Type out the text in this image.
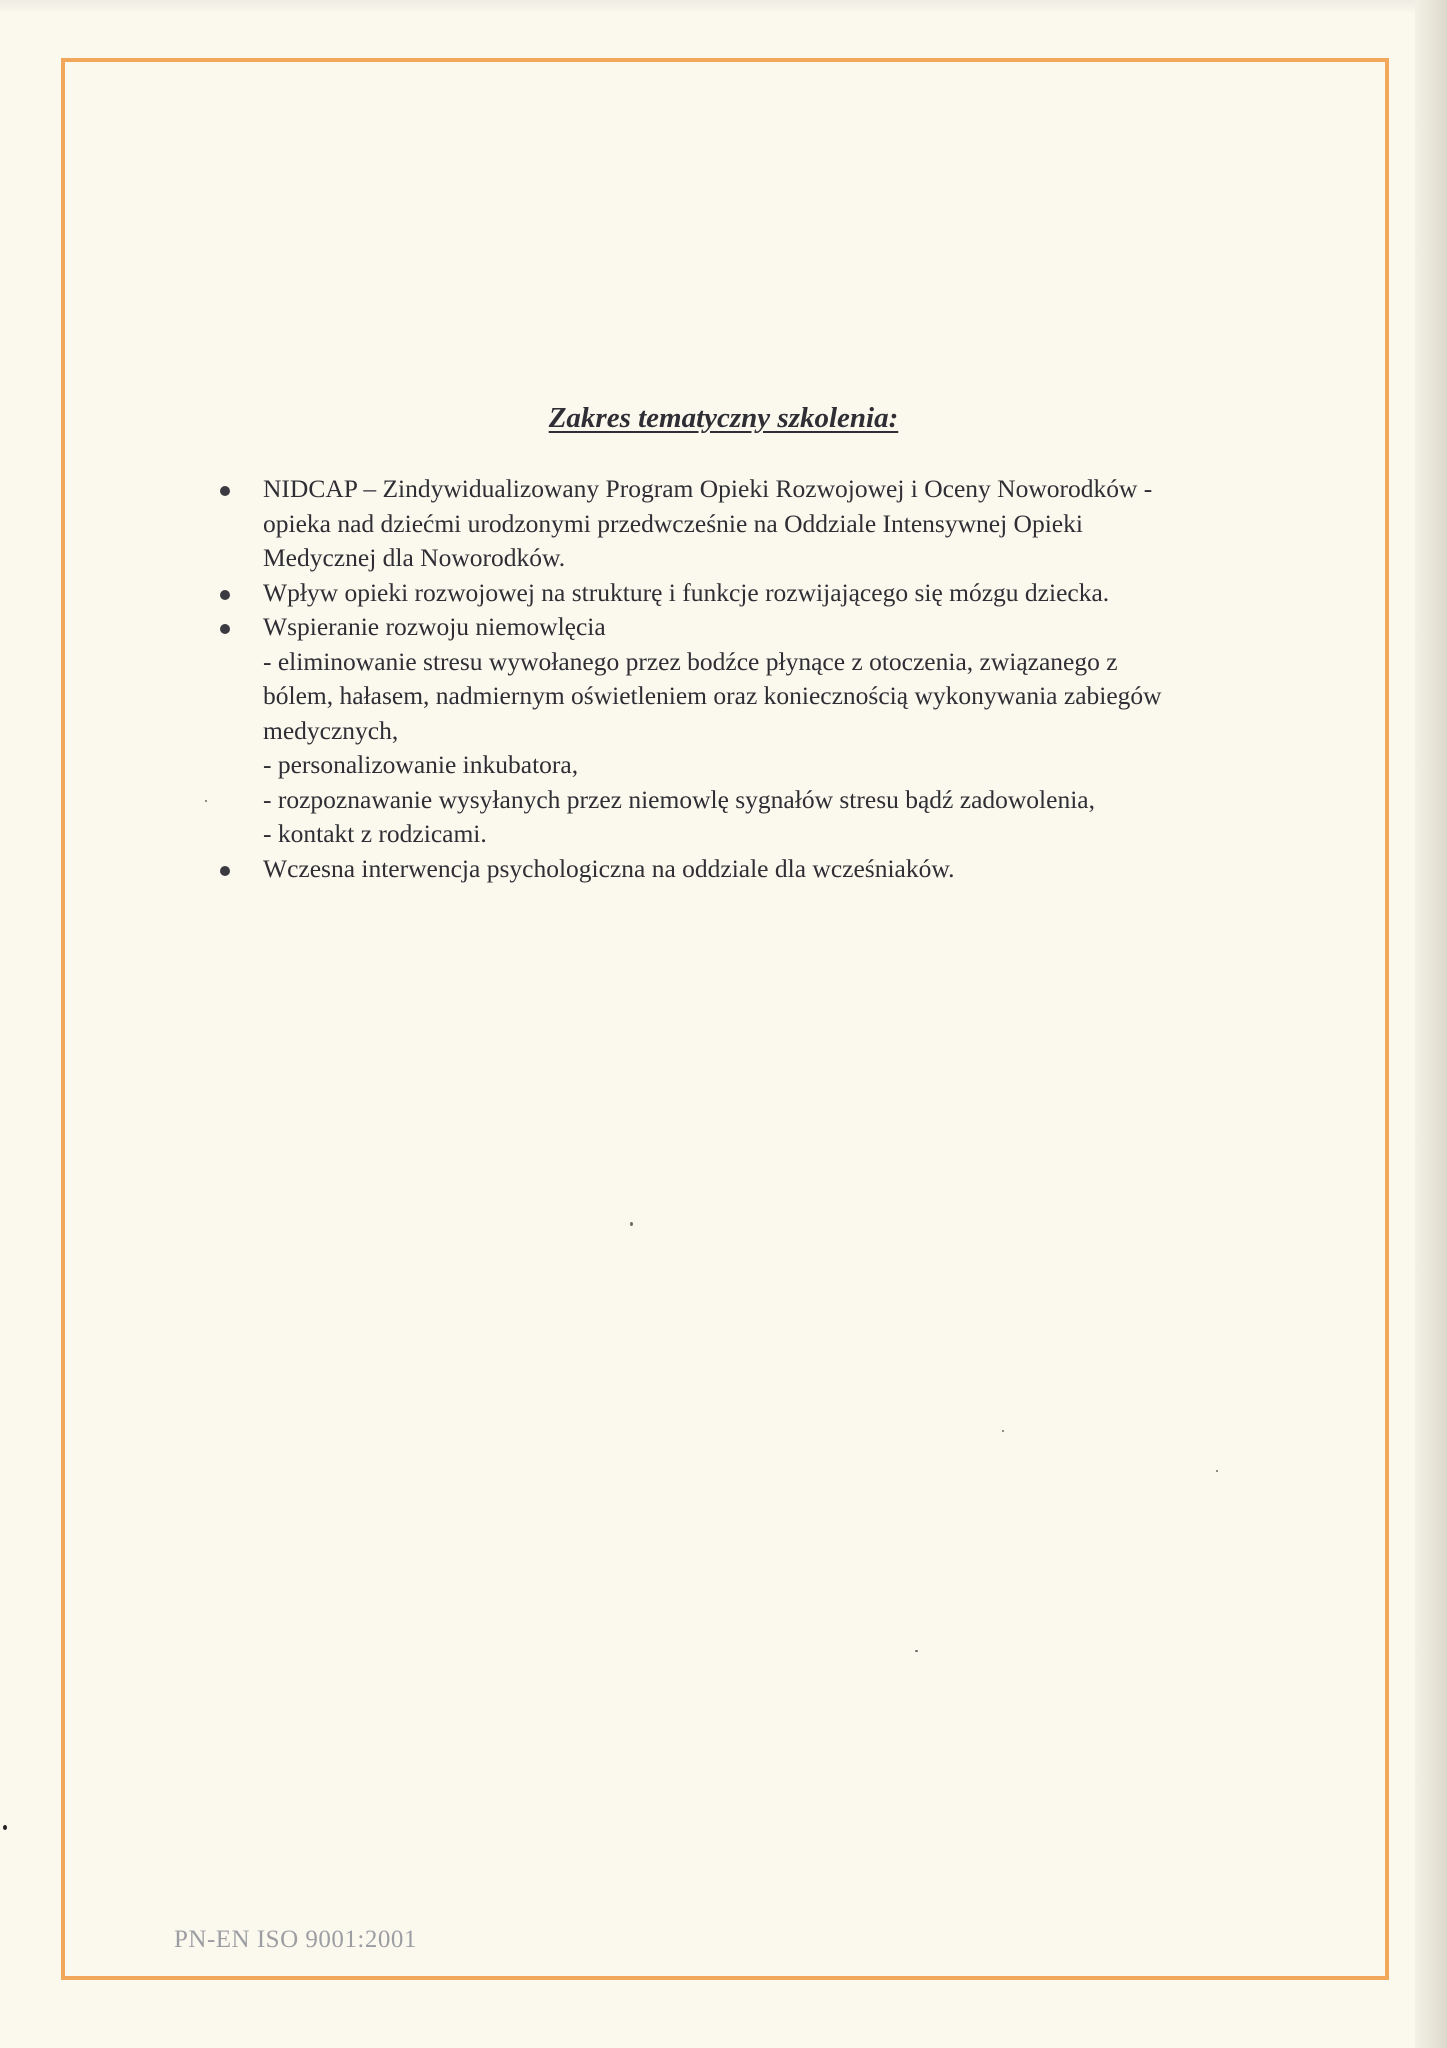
Zakres tematyczny szkolenia:
NIDCAP – Zindywidualizowany Program Opieki Rozwojowej i Oceny Noworodków -
opieka nad dziećmi urodzonymi przedwcześnie na Oddziale Intensywnej Opieki
Medycznej dla Noworodków.
Wpływ opieki rozwojowej na strukturę i funkcje rozwijającego się mózgu dziecka.
Wspieranie rozwoju niemowlęcia
- eliminowanie stresu wywołanego przez bodźce płynące z otoczenia, związanego z
bólem, hałasem, nadmiernym oświetleniem oraz koniecznością wykonywania zabiegów
medycznych,
- personalizowanie inkubatora,
- rozpoznawanie wysyłanych przez niemowlę sygnałów stresu bądź zadowolenia,
- kontakt z rodzicami.
Wczesna interwencja psychologiczna na oddziale dla wcześniaków.
PN-EN ISO 9001:2001
